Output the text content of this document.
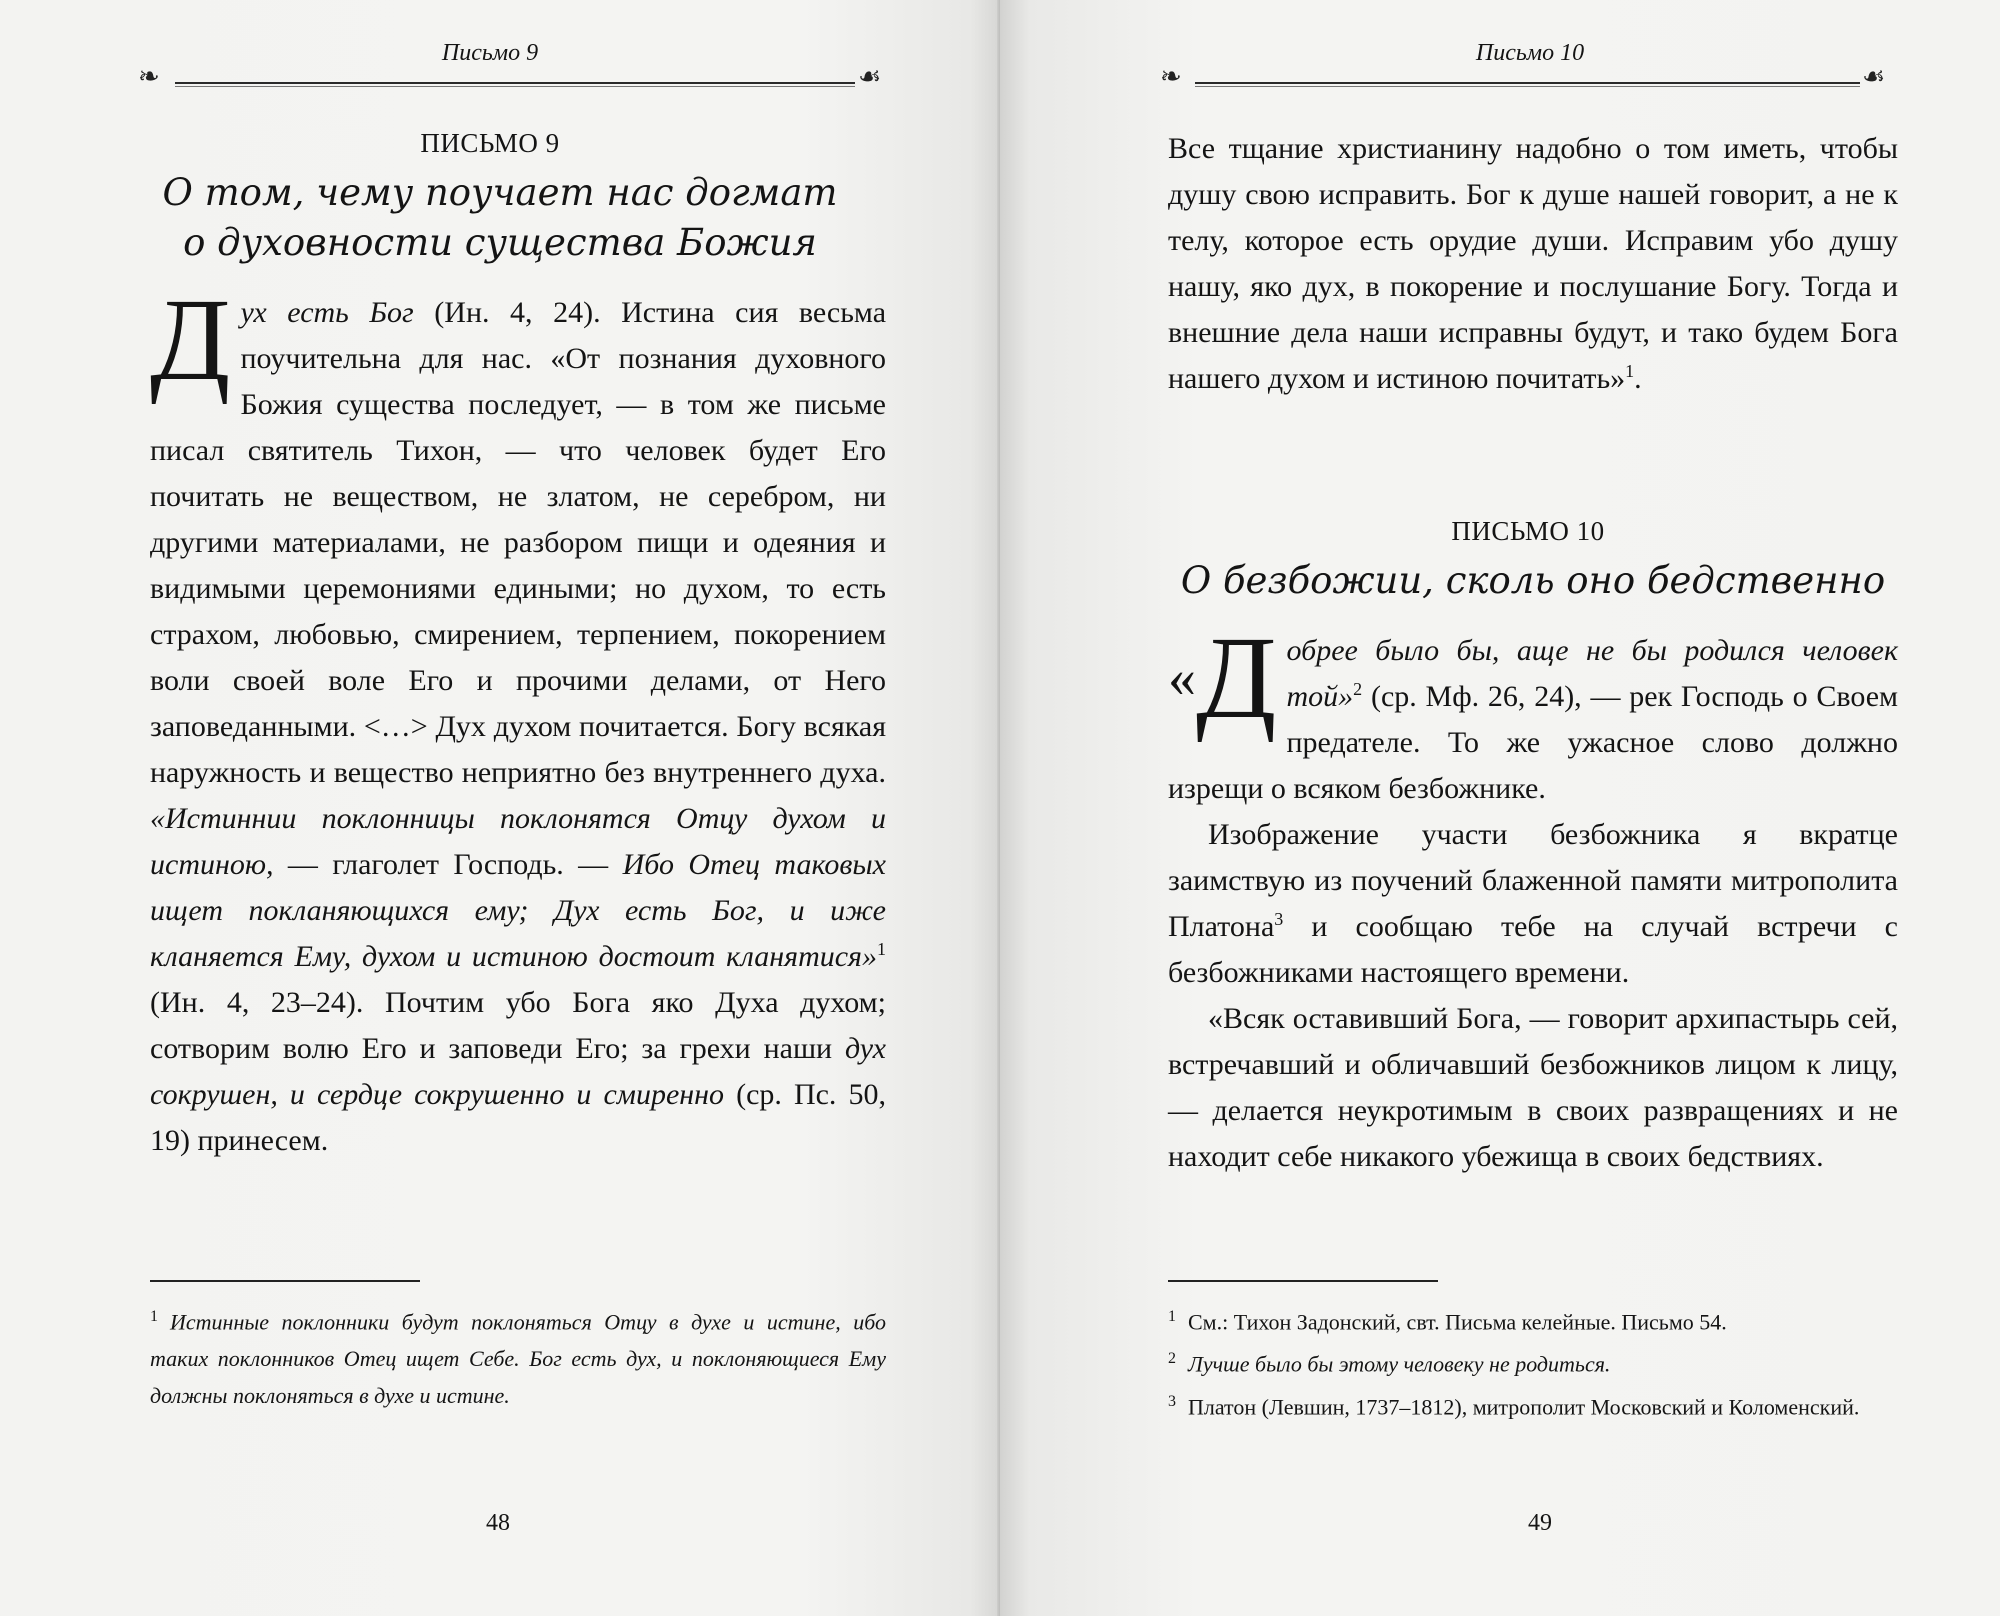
❧	☙
Письмо 9
ПИСЬМО 9
О том, чему поучает нас догмат
о духовности существа Божия

Дух есть Бог (Ин. 4, 24). Истина сия весьма поучительна для нас. «От познания духовного Божия существа последует, — в том же письме писал святитель Тихон, — что человек будет Его почитать не веществом, не златом, не серебром, ни другими материалами, не разбором пищи и одеяния и видимыми церемониями едиными; но духом, то есть страхом, любовью, смирением, терпением, покорением воли своей воле Его и прочими делами, от Него заповеданными. <…> Дух духом почитается. Богу всякая наружность и вещество неприятно без внутреннего духа. «Истиннии поклонницы поклонятся Отцу духом и истиною, — глаголет Господь. — Ибо Отец таковых ищет покланяющихся ему; Дух есть Бог, и иже кланяется Ему, духом и истиною достоит кланятися»$^1$ (Ин. 4, 23–24). Почтим убо Бога яко Духа духом; сотворим волю Его и заповеди Его; за грехи наши дух сокрушен, и сердце сокрушенно и смиренно (ср. Пс. 50, 19) принесем.

$^1$ Истинные поклонники будут поклоняться Отцу в духе и истине, ибо таких поклонников Отец ищет Себе. Бог есть дух, и поклоняющиеся Ему должны поклоняться в духе и истине.

48
❧	☙
Письмо 10

Все тщание христианину надобно о том иметь, чтобы душу свою исправить. Бог к душе нашей говорит, а не к телу, которое есть орудие души. Исправим убо душу нашу, яко дух, в покорение и послушание Богу. Тогда и внешние дела наши исправны будут, и тако будем Бога нашего духом и истиною почитать»$^1$.

ПИСЬМО 10
О безбожии, сколь оно бедственно

« Д обрее было бы, аще не бы родился человек той»$^2$ (ср. Мф. 26, 24), — рек Господь о Своем предателе. То же ужасное слово должно изрещи о всяком безбожнике.

Изображение участи безбожника я вкратце заимствую из поучений блаженной памяти митрополита Платона$^3$ и сообщаю тебе на случай встречи с безбожниками настоящего времени.

«Всяк оставивший Бога, — говорит архипастырь сей, встречавший и обличавший безбожников лицом к лицу, — делается неукротимым в своих развращениях и не находит себе никакого убежища в своих бедствиях.

$^1$ См.: Тихон Задонский, свт. Письма келейные. Письмо 54.

$^2$ Лучше было бы этому человеку не родиться.

$^3$ Платон (Левшин, 1737–1812), митрополит Московский и Коломенский.

49
